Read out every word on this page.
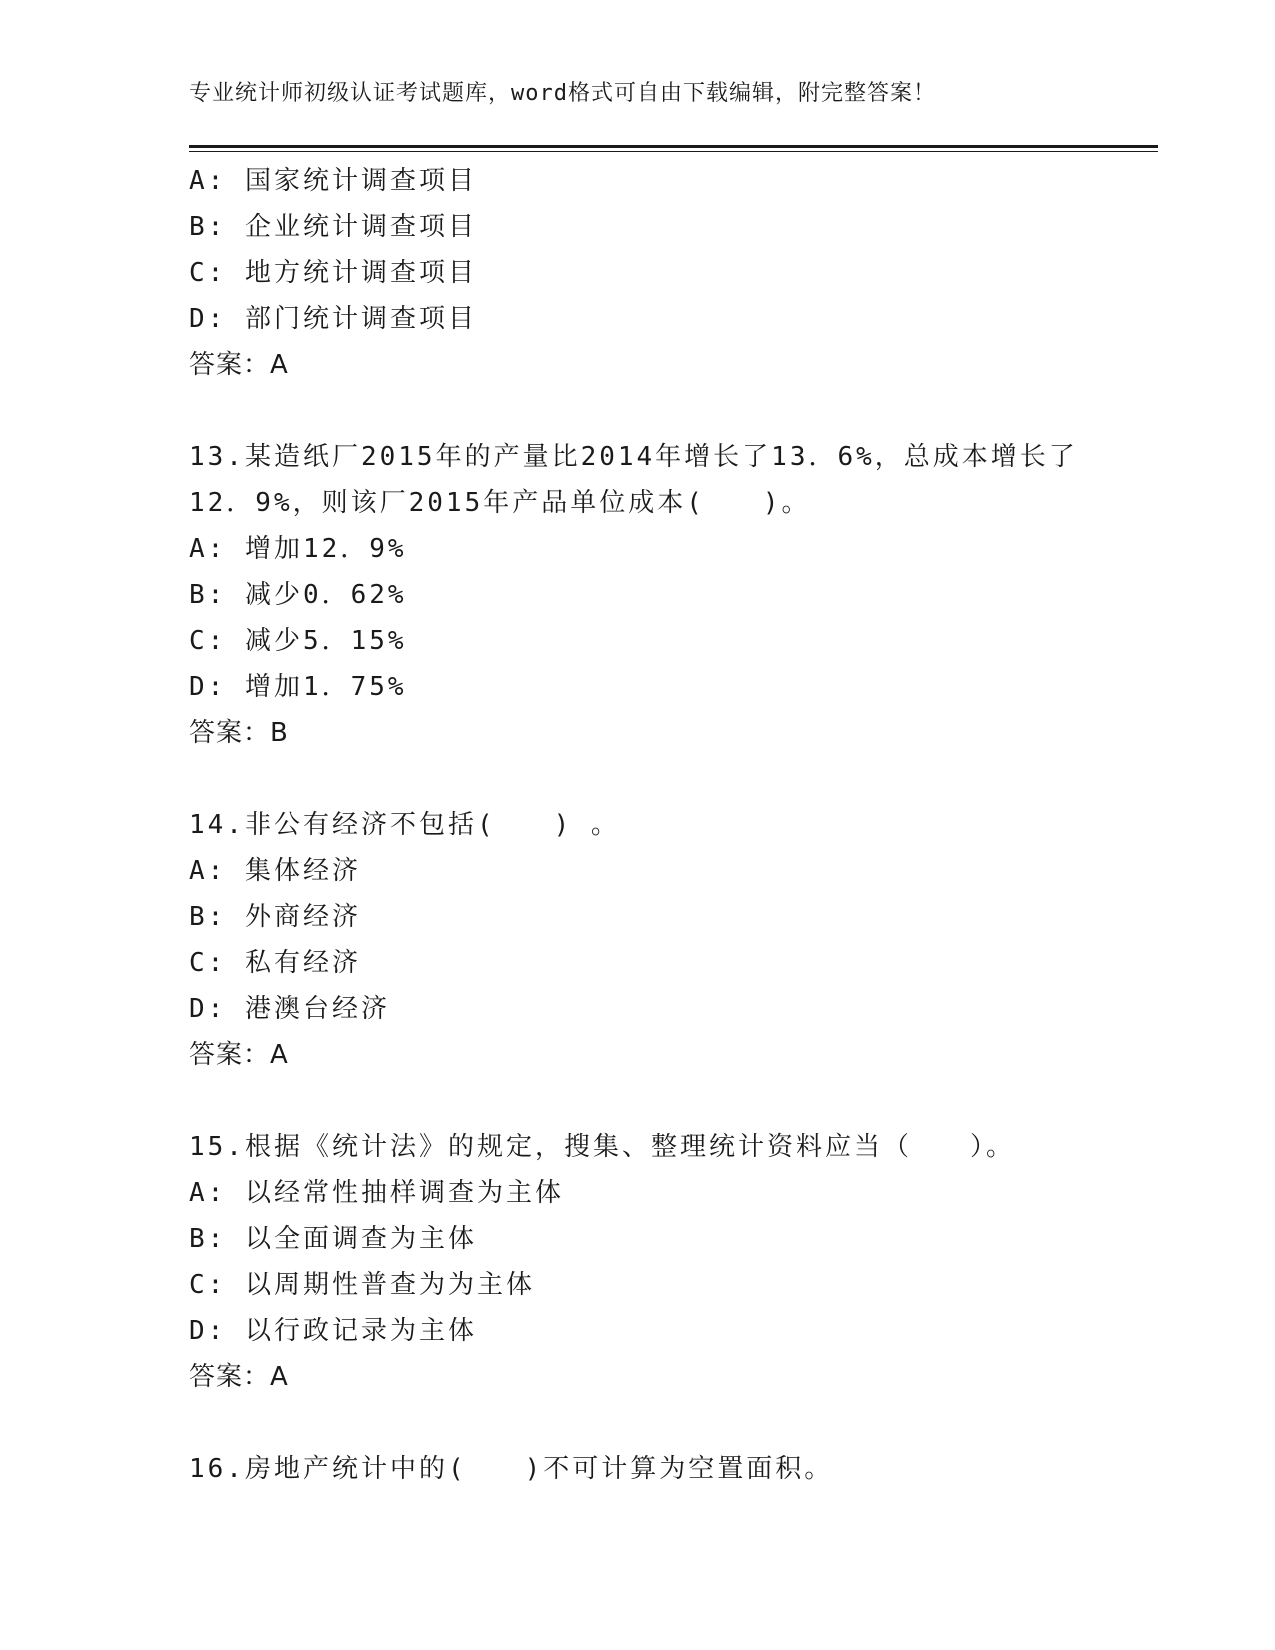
专业统计师初级认证考试题库，word格式可自由下载编辑，附完整答案！
A: 国家统计调查项目
B: 企业统计调查项目
C: 地方统计调查项目
D: 部门统计调查项目
答案：A
13.某造纸厂2015年的产量比2014年增长了13．6%，总成本增长了
12．9%，则该厂2015年产品单位成本(　　)。
A: 增加12．9%
B: 减少0．62%
C: 减少5．15%
D: 增加1．75%
答案：B
14.非公有经济不包括(　　) 。
A: 集体经济
B: 外商经济
C: 私有经济
D: 港澳台经济
答案：A
15.根据《统计法》的规定，搜集、整理统计资料应当（　　）。
A: 以经常性抽样调查为主体
B: 以全面调查为主体
C: 以周期性普查为为主体
D: 以行政记录为主体
答案：A
16.房地产统计中的(　　)不可计算为空置面积。
